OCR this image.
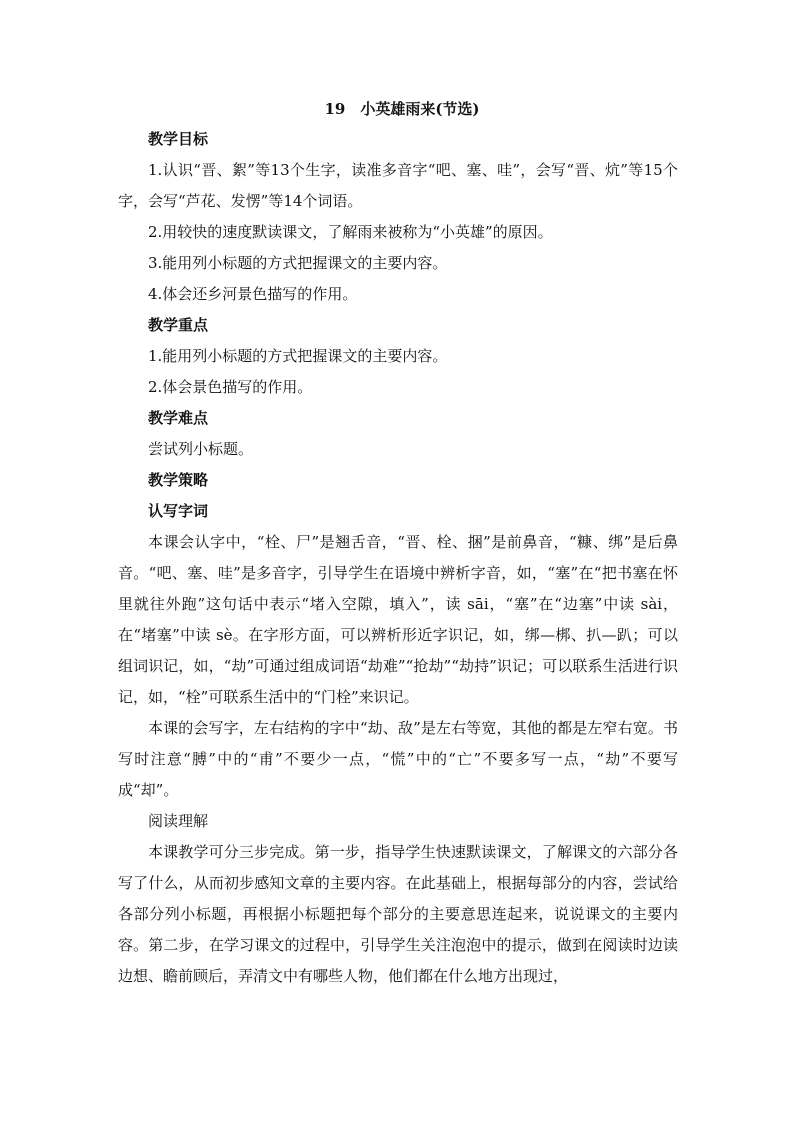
19　小英雄雨来(节选)

教学目标

1.认识“晋、絮”等13个生字，读准多音字“吧、塞、哇”，会写“晋、炕”等15个字，会写“芦花、发愣”等14个词语。

2.用较快的速度默读课文，了解雨来被称为“小英雄”的原因。

3.能用列小标题的方式把握课文的主要内容。

4.体会还乡河景色描写的作用。

教学重点

1.能用列小标题的方式把握课文的主要内容。

2.体会景色描写的作用。

教学难点

尝试列小标题。

教学策略

认写字词

本课会认字中，“栓、尸”是翘舌音，“晋、栓、捆”是前鼻音，“糠、绑”是后鼻音。“吧、塞、哇”是多音字，引导学生在语境中辨析字音，如，“塞”在“把书塞在怀里就往外跑”这句话中表示“堵入空隙，填入”，读 sāi，“塞”在“边塞”中读 sài，在“堵塞”中读 sè。在字形方面，可以辨析形近字识记，如，绑—梆、扒—趴；可以组词识记，如，“劫”可通过组成词语“劫难”“抢劫”“劫持”识记；可以联系生活进行识记，如，“栓”可联系生活中的“门栓”来识记。

本课的会写字，左右结构的字中“劫、敌”是左右等宽，其他的都是左窄右宽。书写时注意“膊”中的“甫”不要少一点，“慌”中的“亡”不要多写一点，“劫”不要写成“却”。

阅读理解

本课教学可分三步完成。第一步，指导学生快速默读课文，了解课文的六部分各写了什么，从而初步感知文章的主要内容。在此基础上，根据每部分的内容，尝试给各部分列小标题，再根据小标题把每个部分的主要意思连起来，说说课文的主要内容。第二步，在学习课文的过程中，引导学生关注泡泡中的提示，做到在阅读时边读边想、瞻前顾后，弄清文中有哪些人物，他们都在什么地方出现过，
